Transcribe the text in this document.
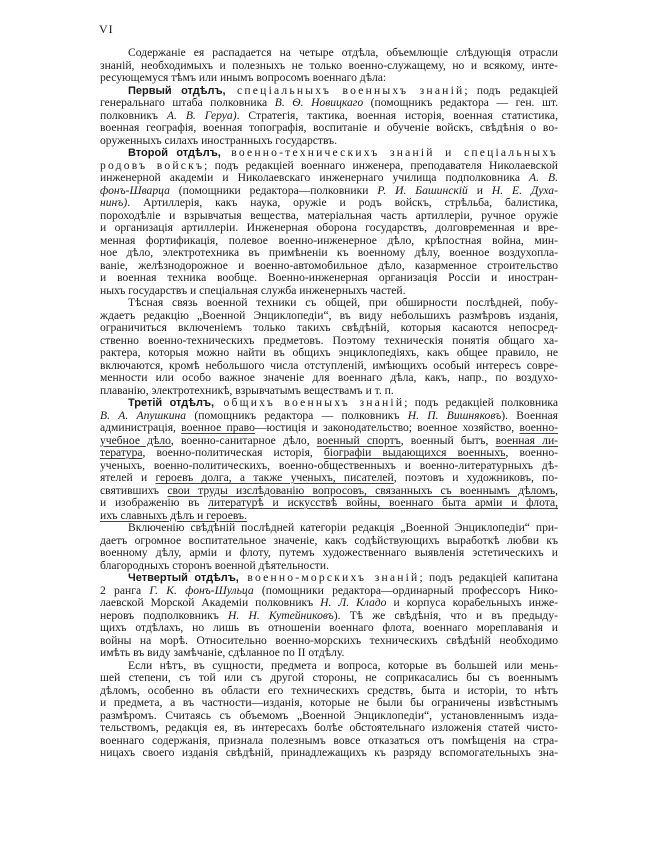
VI
Содержаніе ея распадается на четыре отдѣла, объемлющіе слѣдующія отрасли
знаній, необходимыхъ и полезныхъ не только военно-служащему, но и всякому, инте-
ресующемуся тѣмъ или инымъ вопросомъ военнаго дѣла:
Первый отдѣлъ, спеціальныхъ военныхъ знаній; подъ редакціей
генеральнаго штаба полковника В. Ѳ. Новицкаго (помощникъ редактора — ген. шт.
полковникъ А. В. Геруа). Стратегія, тактика, военная исторія, военная статистика,
военная географія, военная топографія, воспитаніе и обученіе войскъ, свѣдѣнія о во-
оруженныхъ силахъ иностранныхъ государствъ.
Второй отдѣлъ, военно-техническихъ знаній и спеціальныхъ
родовъ войскъ; подъ редакціей военнаго инженера, преподавателя Николаевской
инженерной академіи и Николаевскаго инженернаго училища подполковника А. В.
фонъ-Шварца (помощники редактора—полковники Р. И. Башинскій и Н. Е. Духа-
нинъ). Артиллерія, какъ наука, оружіе и родъ войскъ, стрѣльба, балистика,
пороходѣліе и взрывчатыя вещества, матеріальная часть артиллеріи, ручное оружіе
и организація артиллеріи. Инженерная оборона государствъ, долговременная и вре-
менная фортификація, полевое военно-инженерное дѣло, крѣпостная война, мин-
ное дѣло, электротехника въ примѣненіи къ военному дѣлу, военное воздухопла-
ваніе, желѣзнодорожное и военно-автомобильное дѣло, казарменное строительство
и военная техника вообще. Военно-инженерная организація Россіи и иностран-
ныхъ государствъ и спеціальная служба инженерныхъ частей.
Тѣсная связь военной техники съ общей, при обширности послѣдней, побу-
ждаетъ редакцію „Военной Энциклопедіи“, въ виду небольшихъ размѣровъ изданія,
ограничиться включеніемъ только такихъ свѣдѣній, которыя касаются непосред-
ственно военно-техническихъ предметовъ. Поэтому техническія понятія общаго ха-
рактера, которыя можно найти въ общихъ энциклопедіяхъ, какъ общее правило, не
включаются, кромѣ небольшого числа отступленій, имѣющихъ особый интересъ совре-
менности или особо важное значеніе для военнаго дѣла, какъ, напр., по воздухо-
плаванію, электротехникѣ, взрывчатымъ веществамъ и т. п.
Третій отдѣлъ, общихъ военныхъ знаній; подъ редакціей полковника
В. А. Апушкина (помощникъ редактора — полковникъ Н. П. Вишняковъ). Военная
администрація, военное право—юстиція и законодательство; военное хозяйство, военно-
учебное дѣло, военно-санитарное дѣло, военный спортъ, военный бытъ, военная ли-
тература, военно-политическая исторія, біографіи выдающихся военныхъ, военно-
ученыхъ, военно-политическихъ, военно-общественныхъ и военно-литературныхъ дѣ-
ятелей и героевъ долга, а также ученыхъ, писателей, поэтовъ и художниковъ, по-
святившихъ свои труды изслѣдованію вопросовъ, связанныхъ съ военнымъ дѣломъ,
и изображенію въ литературѣ и искусствѣ войны, военнаго быта арміи и флота,
ихъ славныхъ дѣлъ и героевъ.
Включенію свѣдѣній послѣдней категоріи редакція „Военной Энциклопедіи“ при-
даетъ огромное воспитательное значеніе, какъ содѣйствующихъ выработкѣ любви къ
военному дѣлу, арміи и флоту, путемъ художественнаго выявленія эстетическихъ и
благородныхъ сторонъ военной дѣятельности.
Четвертый отдѣлъ, военно-морскихъ знаній; подъ редакціей капитана
2 ранга Г. К. фонъ-Шульца (помощники редактора—ординарный профессоръ Нико-
лаевской Морской Академіи полковникъ Н. Л. Кладо и корпуса корабельныхъ инже-
неровъ подполковникъ Н. Н. Кутейниковъ). Тѣ же свѣдѣнія, что и въ предыду-
щихъ отдѣлахъ, но лишь въ отношеніи военнаго флота, военнаго мореплаванія и
войны на морѣ. Относительно военно-морскихъ техническихъ свѣдѣній необходимо
имѣть въ виду замѣчаніе, сдѣланное по II отдѣлу.
Если нѣтъ, въ сущности, предмета и вопроса, которые въ большей или мень-
шей степени, съ той или съ другой стороны, не соприкасались бы съ военнымъ
дѣломъ, особенно въ области его техническихъ средствъ, быта и исторіи, то нѣтъ
и предмета, а въ частности—изданія, которые не были бы ограничены извѣстнымъ
размѣромъ. Считаясь съ объемомъ „Военной Энциклопедіи“, установленнымъ изда-
тельствомъ, редакція ея, въ интересахъ болѣе обстоятельнаго изложенія статей чисто-
военнаго содержанія, признала полезнымъ вовсе отказаться отъ помѣщенія на стра-
ницахъ своего изданія свѣдѣній, принадлежащихъ къ разряду вспомогательныхъ зна-
